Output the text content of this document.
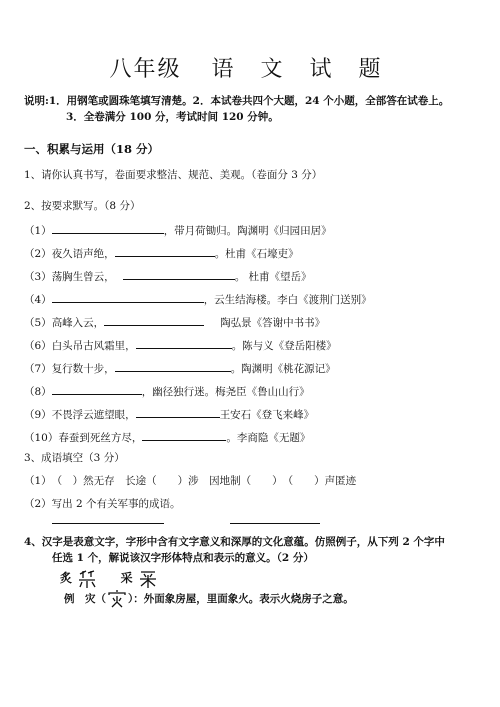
八年级 语 文 试 题
说明:1．用钢笔或圆珠笔填写清楚。2．本试卷共四个大题，24 个小题，全部答在试卷上。
3．全卷满分 100 分，考试时间 120 分钟。
一、积累与运用（18 分）
1、请你认真书写，卷面要求整洁、规范、美观。（卷面分 3 分）
2、按要求默写。（8 分）
（1）	，带月荷锄归。陶渊明《归园田居》
（2）夜久语声绝，	。杜甫《石壕吏》
（3）荡胸生曾云，	。 杜甫《望岳》
（4）	，云生结海楼。李白《渡荆门送别》
（5）高峰入云，	陶弘景《答谢中书书》
（6）白头吊古风霜里，	。陈与义《登岳阳楼》
（7）复行数十步，	。陶渊明《桃花源记》
（8）	，幽径独行迷。梅尧臣《鲁山山行》
（9）不畏浮云遮望眼，	王安石《登飞来峰》
（10）春蚕到死丝方尽，	。李商隐《无题》
3、成语填空（3 分）
（1）　（　）然无存　长途（　　）涉　因地制（　　）　（　　）声匿迹
（2）写出 2 个有关军事的成语。
4、汉字是表意文字，字形中含有文字意义和深厚的文化意蕴。仿照例子，从下列 2 个字中
任选 1 个，解说该汉字形体特点和表示的意义。（2 分）
炙	采
例　灾（ ）：外面象房屋，里面象火。表示火烧房子之意。
